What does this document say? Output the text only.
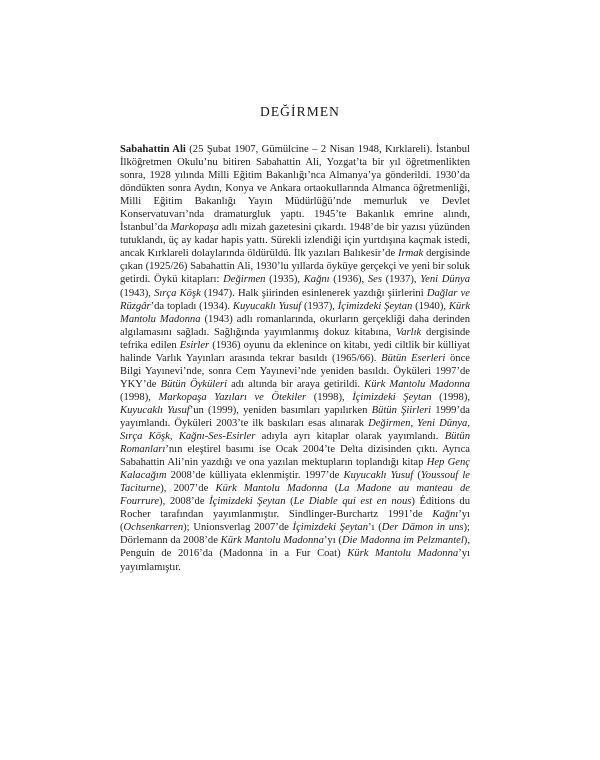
DEĞİRMEN

Sabahattin Ali (25 Şubat 1907, Gümülcine – 2 Nisan 1948, Kırklareli). İstanbul İlköğretmen Okulu’nu bitiren Sabahattin Ali, Yozgat’ta bir yıl öğretmenlikten sonra, 1928 yılında Milli Eğitim Bakanlığı’nca Almanya’ya gönderildi. 1930’da döndükten sonra Aydın, Konya ve Ankara ortaokullarında Almanca öğretmenliği, Milli Eğitim Bakanlığı Yayın Müdürlüğü’nde memurluk ve Devlet Konservatuvarı’nda dramaturgluk yaptı. 1945’te Bakanlık emrine alındı, İstanbul’da Markopaşa adlı mizah gazetesini çıkardı. 1948’de bir yazısı yüzünden tutuklandı, üç ay kadar hapis yattı. Sürekli izlendiği için yurtdışına kaçmak istedi, ancak Kırklareli dolaylarında öldürüldü. İlk yazıları Balıkesir’de Irmak dergisinde çıkan (1925/26) Sabahattin Ali, 1930’lu yıllarda öyküye gerçekçi ve yeni bir soluk getirdi. Öykü kitapları: Değirmen (1935), Kağnı (1936), Ses (1937), Yeni Dünya (1943), Sırça Köşk (1947). Halk şiirinden esinlenerek yazdığı şiirlerini Dağlar ve Rüzgâr’da topladı (1934). Kuyucaklı Yusuf (1937), İçimizdeki Şeytan (1940), Kürk Mantolu Madonna (1943) adlı romanlarında, okurların gerçekliği daha derinden algılamasını sağladı. Sağlığında yayımlanmış dokuz kitabına, Varlık dergisinde tefrika edilen Esirler (1936) oyunu da eklenince on kitabı, yedi ciltlik bir külliyat halinde Varlık Yayınları arasında tekrar basıldı (1965/66). Bütün Eserleri önce Bilgi Yayınevi’nde, sonra Cem Yayınevi’nde yeniden basıldı. Öyküleri 1997’de YKY’de Bütün Öyküleri adı altında bir araya getirildi. Kürk Mantolu Madonna (1998), Markopaşa Yazıları ve Ötekiler (1998), İçimizdeki Şeytan (1998), Kuyucaklı Yusuf’un (1999), yeniden basımları yapılırken Bütün Şiirleri 1999’da yayımlandı. Öyküleri 2003’te ilk baskıları esas alınarak Değirmen, Yeni Dünya, Sırça Köşk, Kağnı-Ses-Esirler adıyla ayrı kitaplar olarak yayımlandı. Bütün Romanları’nın eleştirel basımı ise Ocak 2004’te Delta dizisinden çıktı. Ayrıca Sabahattin Ali’nin yazdığı ve ona yazılan mektupların toplandığı kitap Hep Genç Kalacağım 2008’de külliyata eklenmiştir. 1997’de Kuyucaklı Yusuf (Youssouf le Taciturne), 2007’de Kürk Mantolu Madonna (La Madone au manteau de Fourrure), 2008’de İçimizdeki Şeytan (Le Diable qui est en nous) Éditions du Rocher tarafından yayımlanmıştır. Sindlinger-Burchartz 1991’de Kağnı’yı (Ochsenkarren); Unionsverlag 2007’de İçimizdeki Şeytan’ı (Der Dämon in uns); Dörlemann da 2008’de Kürk Mantolu Madonna’yı (Die Madonna im Pelzmantel), Penguin de 2016’da (Madonna in a Fur Coat) Kürk Mantolu Madonna’yı yayımlamıştır.
